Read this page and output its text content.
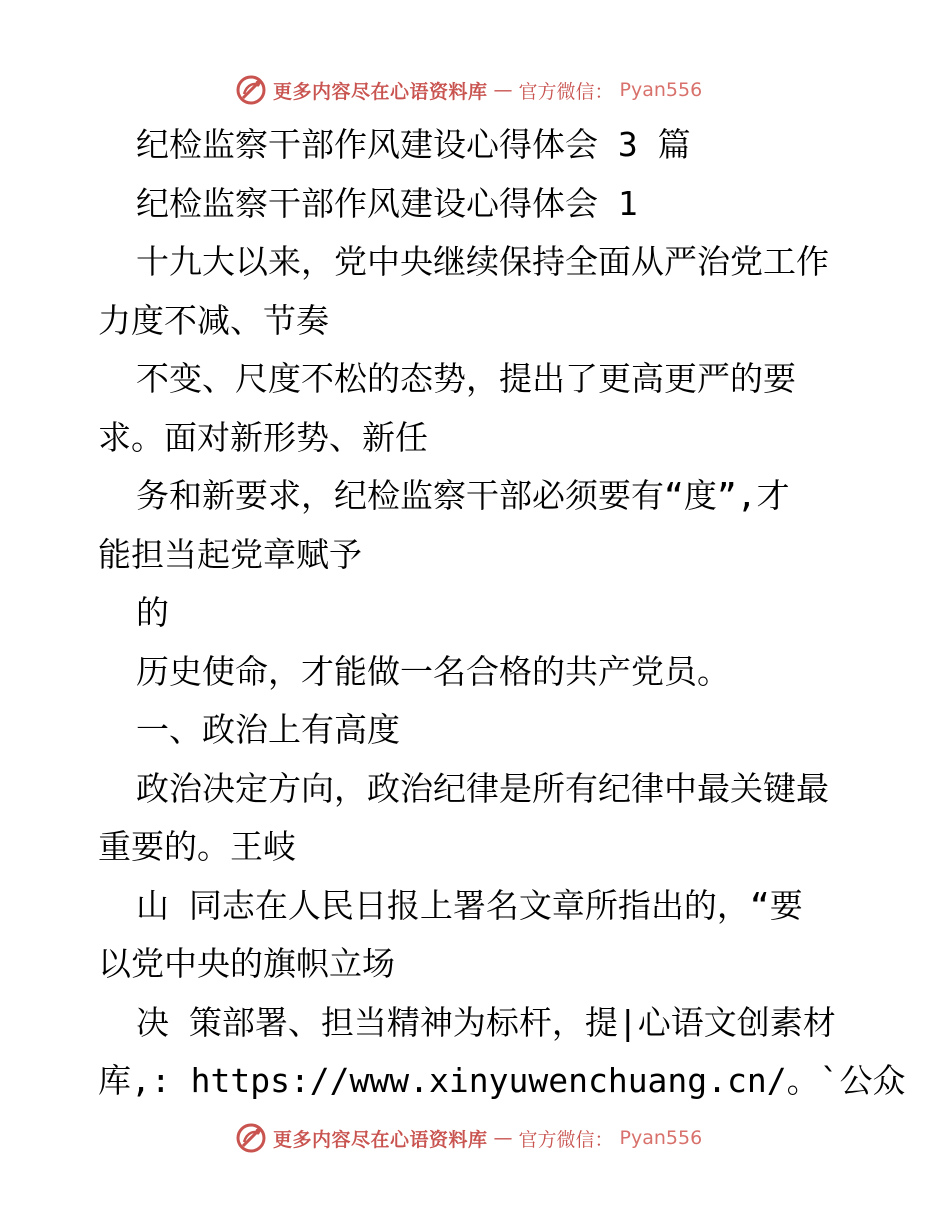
更多内容尽在心语资料库 — 官方微信： Pyan556
纪检监察干部作风建设心得体会 3 篇
纪检监察干部作风建设心得体会 1
十九大以来，党中央继续保持全面从严治党工作
力度不减、节奏
不变、尺度不松的态势，提出了更高更严的要
求。面对新形势、新任
务和新要求，纪检监察干部必须要有“度”,才
能担当起党章赋予
的
历史使命，才能做一名合格的共产党员。
一、政治上有高度
政治决定方向，政治纪律是所有纪律中最关键最
重要的。王岐
山 同志在人民日报上署名文章所指出的，“要
以党中央的旗帜立场
决 策部署、担当精神为标杆，提|心语文创素材
库,: https://www.xinyuwenchuang.cn/。`公众
更多内容尽在心语资料库 — 官方微信： Pyan556
